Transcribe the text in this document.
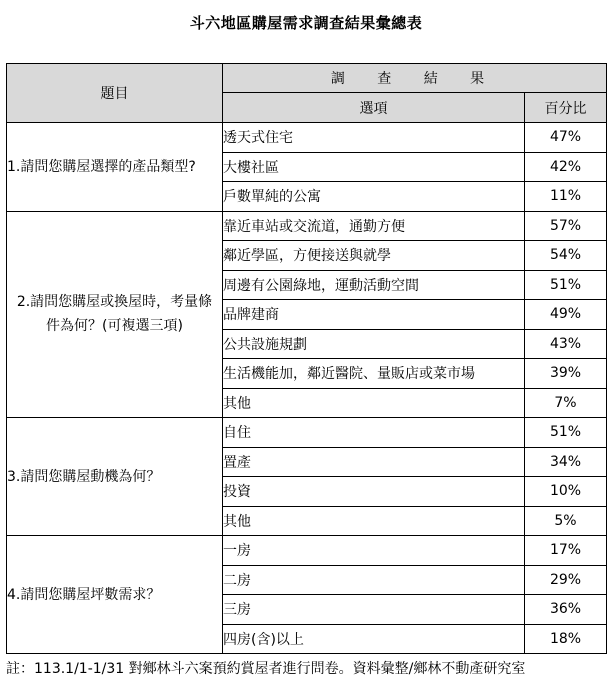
斗六地區購屋需求調查結果彙總表
題目	調 查 結 果	
	選項	百分比
1.請問您購屋選擇的產品類型?	透天式住宅	47%
	大樓社區	42%
	戶數單純的公寓	11%
2.請問您購屋或換屋時，考量條件為何？(可複選三項)	靠近車站或交流道，通勤方便	57%
	鄰近學區，方便接送與就學	54%
	周邊有公園綠地，運動活動空間	51%
	品牌建商	49%
	公共設施規劃	43%
	生活機能加，鄰近醫院、量販店或菜市場	39%
	其他	7%
3.請問您購屋動機為何？	自住	51%
	置產	34%
	投資	10%
	其他	5%
4.請問您購屋坪數需求？	一房	17%
	二房	29%
	三房	36%
	四房(含)以上	18%
註：113.1/1-1/31 對鄉林斗六案預約賞屋者進行問卷。資料彙整/鄉林不動產研究室
